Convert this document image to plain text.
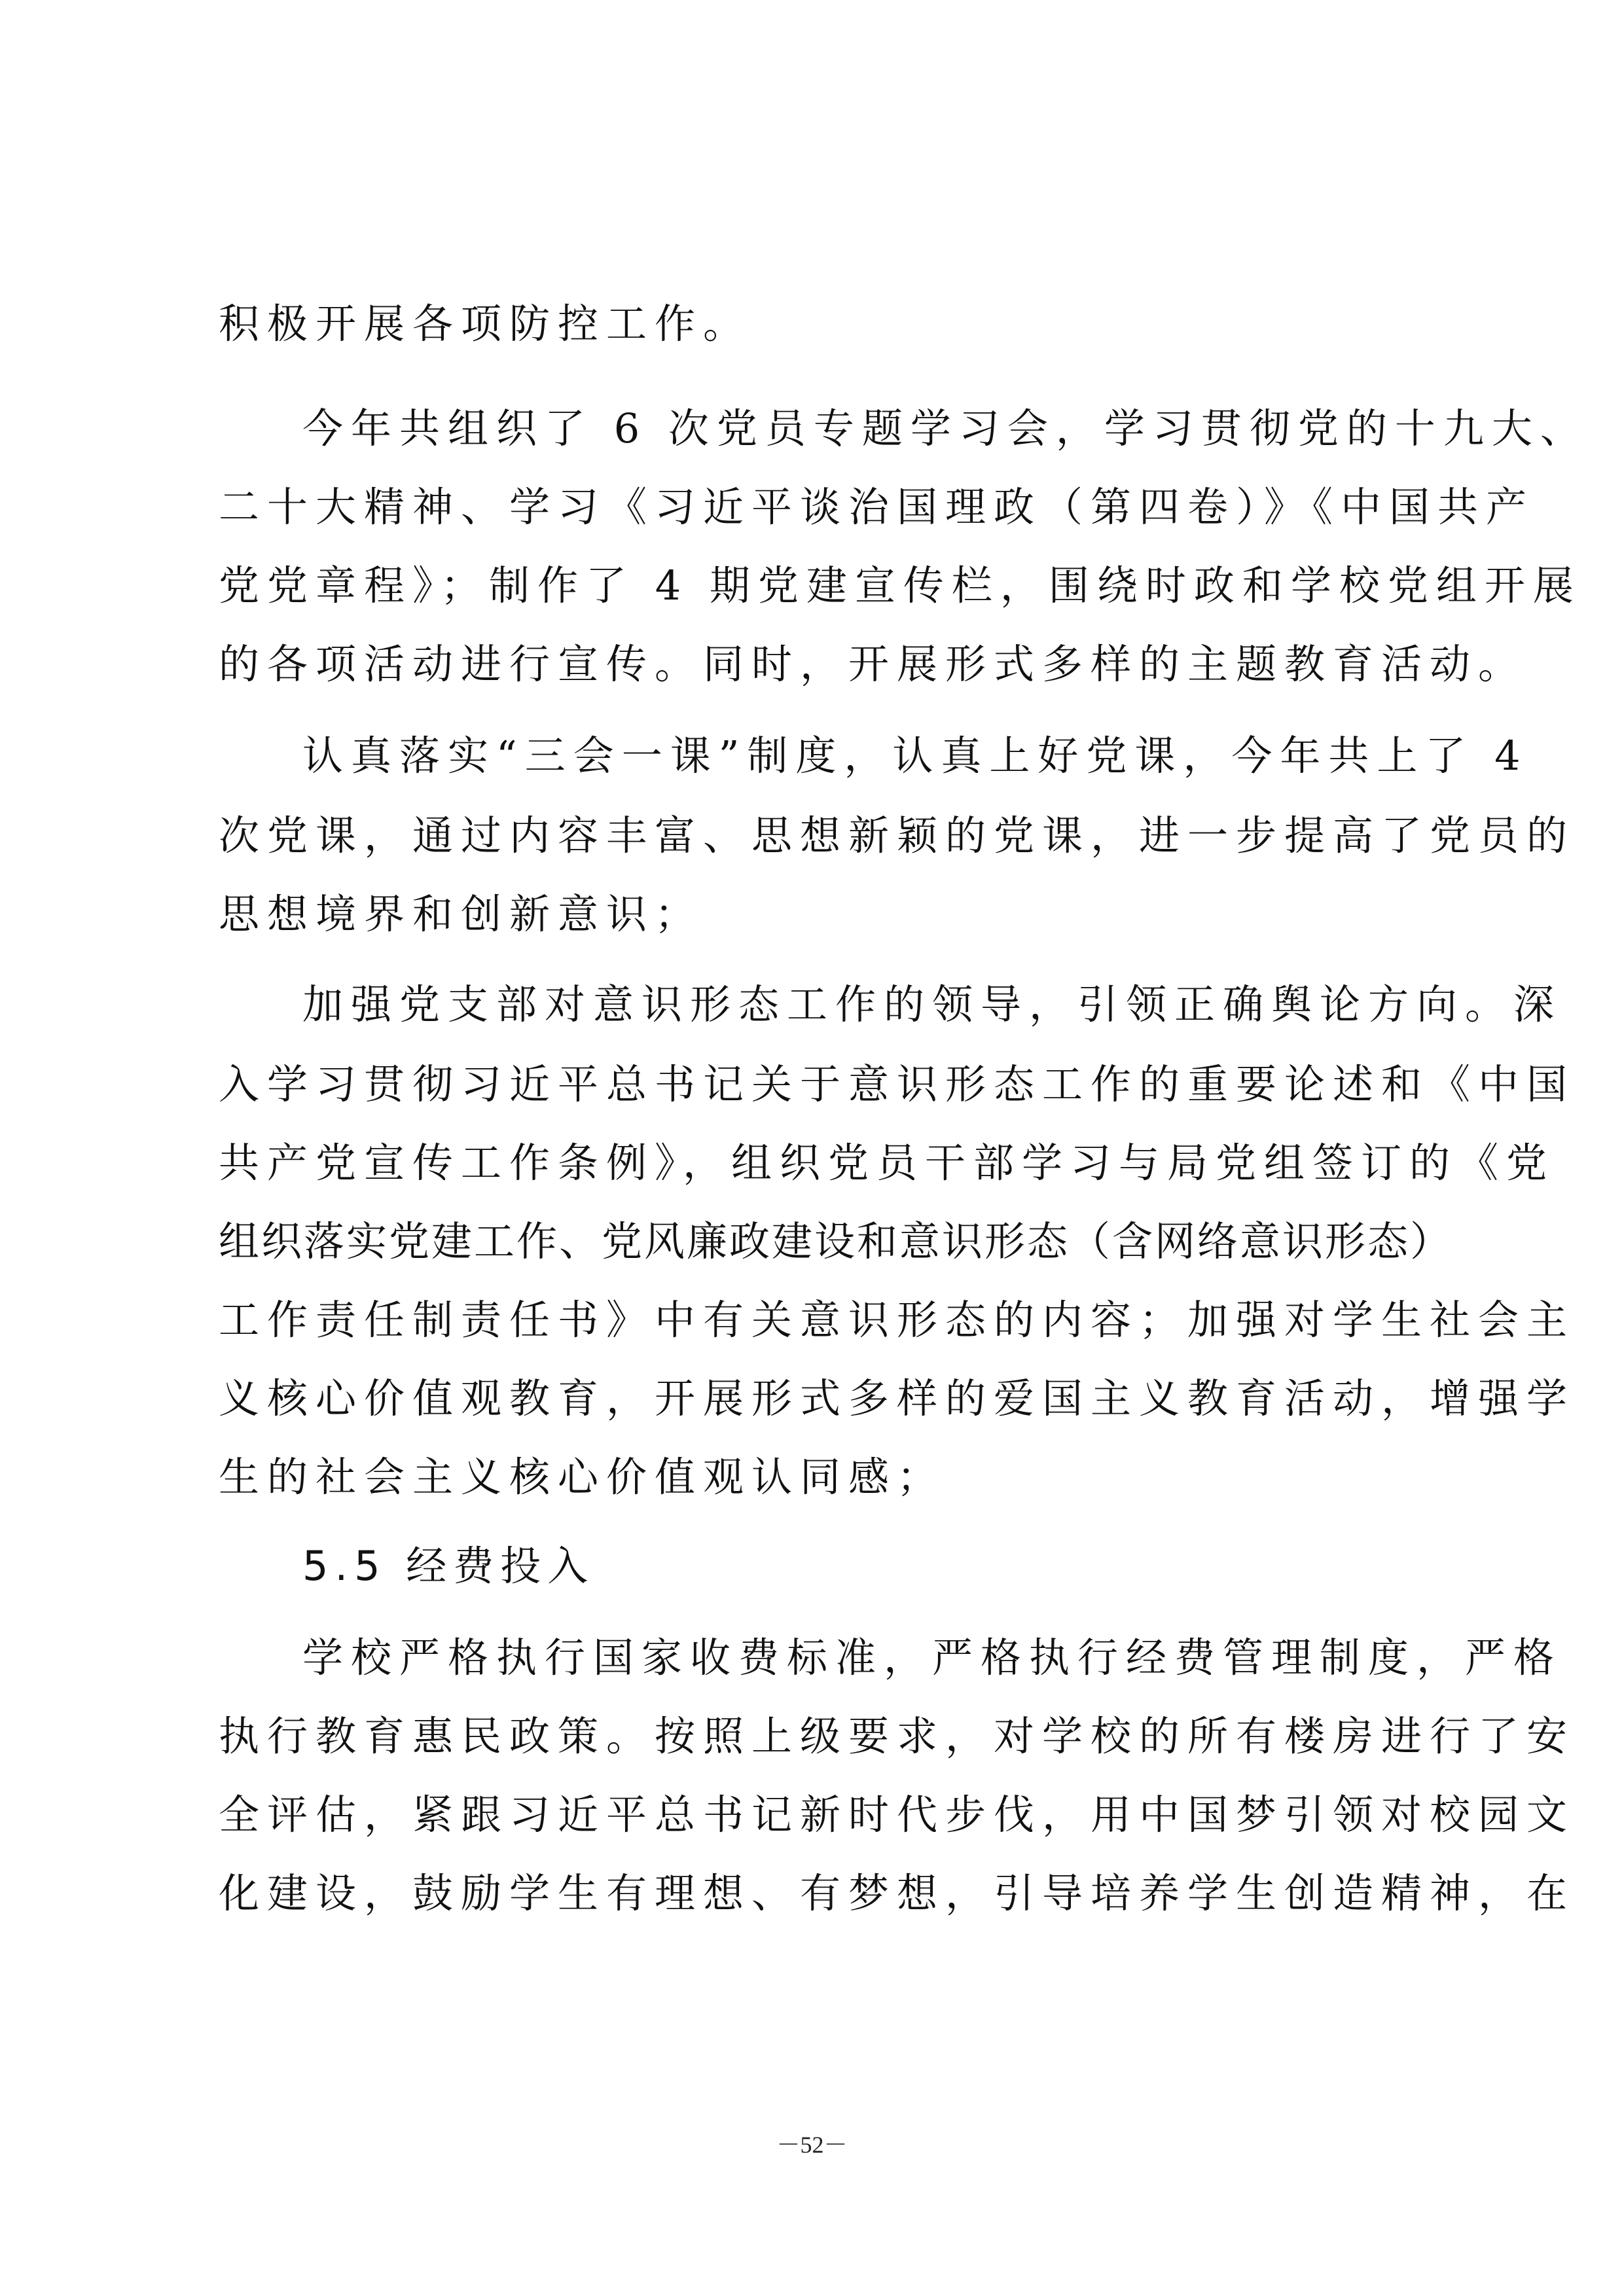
积极开展各项防控工作。
今年共组织了 6 次党员专题学习会，学习贯彻党的十九大、
二十大精神、学习《习近平谈治国理政（第四卷）》《中国共产
党党章程》；制作了 4 期党建宣传栏，围绕时政和学校党组开展
的各项活动进行宣传。同时，开展形式多样的主题教育活动。
认真落实“三会一课”制度，认真上好党课，今年共上了 4
次党课，通过内容丰富、思想新颖的党课，进一步提高了党员的
思想境界和创新意识；
加强党支部对意识形态工作的领导，引领正确舆论方向。深
入学习贯彻习近平总书记关于意识形态工作的重要论述和《中国
共产党宣传工作条例》，组织党员干部学习与局党组签订的《党
组织落实党建工作、党风廉政建设和意识形态（含网络意识形态）
工作责任制责任书》中有关意识形态的内容；加强对学生社会主
义核心价值观教育，开展形式多样的爱国主义教育活动，增强学
生的社会主义核心价值观认同感；
5.5 经费投入
学校严格执行国家收费标准，严格执行经费管理制度，严格
执行教育惠民政策。按照上级要求，对学校的所有楼房进行了安
全评估，紧跟习近平总书记新时代步伐，用中国梦引领对校园文
化建设，鼓励学生有理想、有梦想，引导培养学生创造精神，在
－52－
